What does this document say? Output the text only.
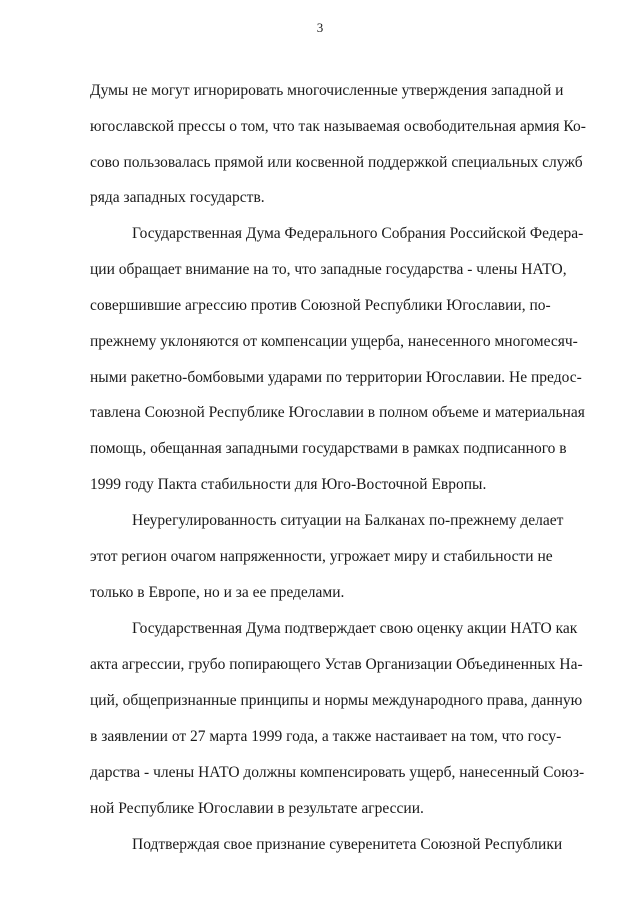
3
Думы не могут игнорировать многочисленные утверждения западной и
югославской прессы о том, что так называемая освободительная армия Ко-
сово пользовалась прямой или косвенной поддержкой специальных служб
ряда западных государств.
Государственная Дума Федерального Собрания Российской Федера-
ции обращает внимание на то, что западные государства - члены НАТО,
совершившие агрессию против Союзной Республики Югославии, по-
прежнему уклоняются от компенсации ущерба, нанесенного многомесяч-
ными ракетно-бомбовыми ударами по территории Югославии. Не предос-
тавлена Союзной Республике Югославии в полном объеме и материальная
помощь, обещанная западными государствами в рамках подписанного в
1999 году Пакта стабильности для Юго-Восточной Европы.
Неурегулированность ситуации на Балканах по-прежнему делает
этот регион очагом напряженности, угрожает миру и стабильности не
только в Европе, но и за ее пределами.
Государственная Дума подтверждает свою оценку акции НАТО как
акта агрессии, грубо попирающего Устав Организации Объединенных На-
ций, общепризнанные принципы и нормы международного права, данную
в заявлении от 27 марта 1999 года, а также настаивает на том, что госу-
дарства - члены НАТО должны компенсировать ущерб, нанесенный Союз-
ной Республике Югославии в результате агрессии.
Подтверждая свое признание суверенитета Союзной Республики
